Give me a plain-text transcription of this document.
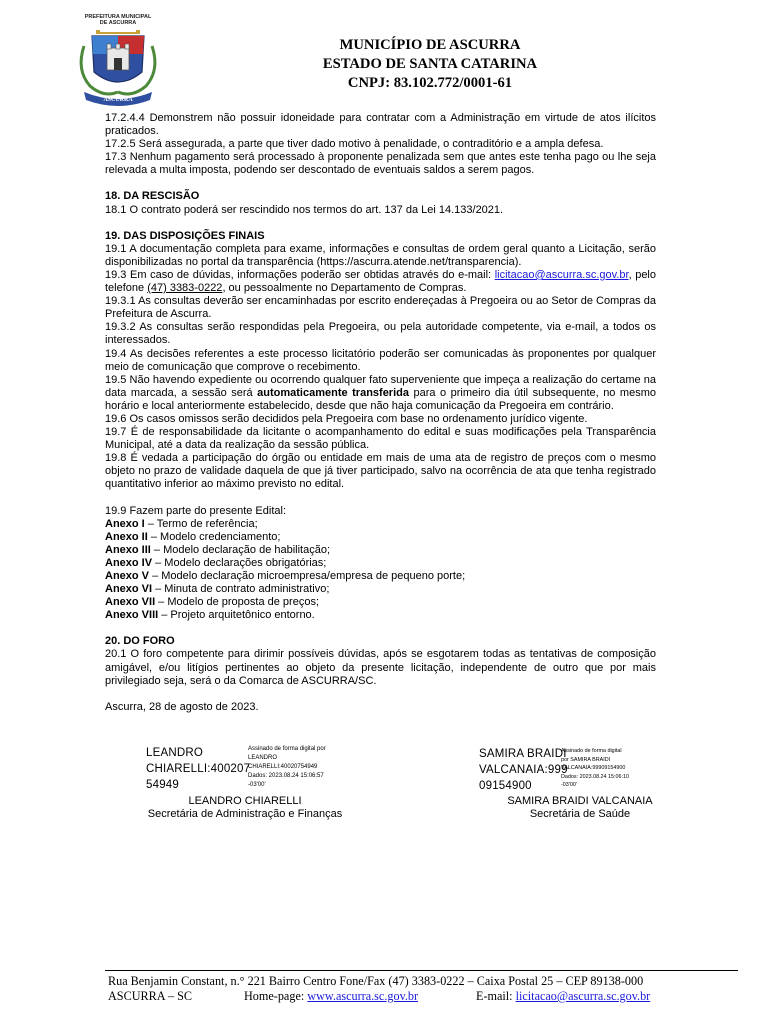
PREFEITURA MUNICIPAL
DE ASCURRA
ASCURRA
MUNICÍPIO DE ASCURRA
ESTADO DE SANTA CATARINA
CNPJ: 83.102.772/0001-61

17.2.4.4 Demonstrem não possuir idoneidade para contratar com a Administração em virtude de atos ilícitos praticados.

17.2.5 Será assegurada, a parte que tiver dado motivo à penalidade, o contraditório e a ampla defesa.

17.3 Nenhum pagamento será processado à proponente penalizada sem que antes este tenha pago ou lhe seja relevada a multa imposta, podendo ser descontado de eventuais saldos a serem pagos.

18. DA RESCISÃO

18.1 O contrato poderá ser rescindido nos termos do art. 137 da Lei 14.133/2021.

19. DAS DISPOSIÇÕES FINAIS

19.1 A documentação completa para exame, informações e consultas de ordem geral quanto a Licitação, serão disponibilizadas no portal da transparência (https://ascurra.atende.net/transparencia).

19.3 Em caso de dúvidas, informações poderão ser obtidas através do e-mail: licitacao@ascurra.sc.gov.br, pelo telefone (47) 3383-0222, ou pessoalmente no Departamento de Compras.

19.3.1 As consultas deverão ser encaminhadas por escrito endereçadas à Pregoeira ou ao Setor de Compras da Prefeitura de Ascurra.

19.3.2 As consultas serão respondidas pela Pregoeira, ou pela autoridade competente, via e-mail, a todos os interessados.

19.4 As decisões referentes a este processo licitatório poderão ser comunicadas às proponentes por qualquer meio de comunicação que comprove o recebimento.

19.5 Não havendo expediente ou ocorrendo qualquer fato superveniente que impeça a realização do certame na data marcada, a sessão será automaticamente transferida para o primeiro dia útil subsequente, no mesmo horário e local anteriormente estabelecido, desde que não haja comunicação da Pregoeira em contrário.

19.6 Os casos omissos serão decididos pela Pregoeira com base no ordenamento jurídico vigente.

19.7 É de responsabilidade da licitante o acompanhamento do edital e suas modificações pela Transparência Municipal, até a data da realização da sessão pública.

19.8 É vedada a participação do órgão ou entidade em mais de uma ata de registro de preços com o mesmo objeto no prazo de validade daquela de que já tiver participado, salvo na ocorrência de ata que tenha registrado quantitativo inferior ao máximo previsto no edital.

19.9 Fazem parte do presente Edital:

Anexo I – Termo de referência;

Anexo II – Modelo credenciamento;

Anexo III – Modelo declaração de habilitação;

Anexo IV – Modelo declarações obrigatórias;

Anexo V – Modelo declaração microempresa/empresa de pequeno porte;

Anexo VI – Minuta de contrato administrativo;

Anexo VII – Modelo de proposta de preços;

Anexo VIII – Projeto arquitetônico entorno.

20. DO FORO

20.1 O foro competente para dirimir possíveis dúvidas, após se esgotarem todas as tentativas de composição amigável, e/ou litígios pertinentes ao objeto da presente licitação, independente de outro que por mais privilegiado seja, será o da Comarca de ASCURRA/SC.

Ascurra, 28 de agosto de 2023.

LEANDRO
CHIARELLI:400207
54949
Assinado de forma digital por
LEANDRO
CHIARELLI:40020754949
Dados: 2023.08.24 15:06:57
-03'00'
LEANDRO CHIARELLI
Secretária de Administração e Finanças
SAMIRA BRAIDI
VALCANAIA:999
09154900
Assinado de forma digital
por SAMIRA BRAIDI
VALCANAIA:99909154900
Dados: 2023.08.24 15:06:10
-03'00'
SAMIRA BRAIDI VALCANAIA
Secretária de Saúde
Rua Benjamin Constant, n.° 221 Bairro Centro Fone/Fax (47) 3383-0222 – Caixa Postal 25 – CEP 89138-000
ASCURRA – SC	Home-page: www.ascurra.sc.gov.br	E-mail: licitacao@ascurra.sc.gov.br
